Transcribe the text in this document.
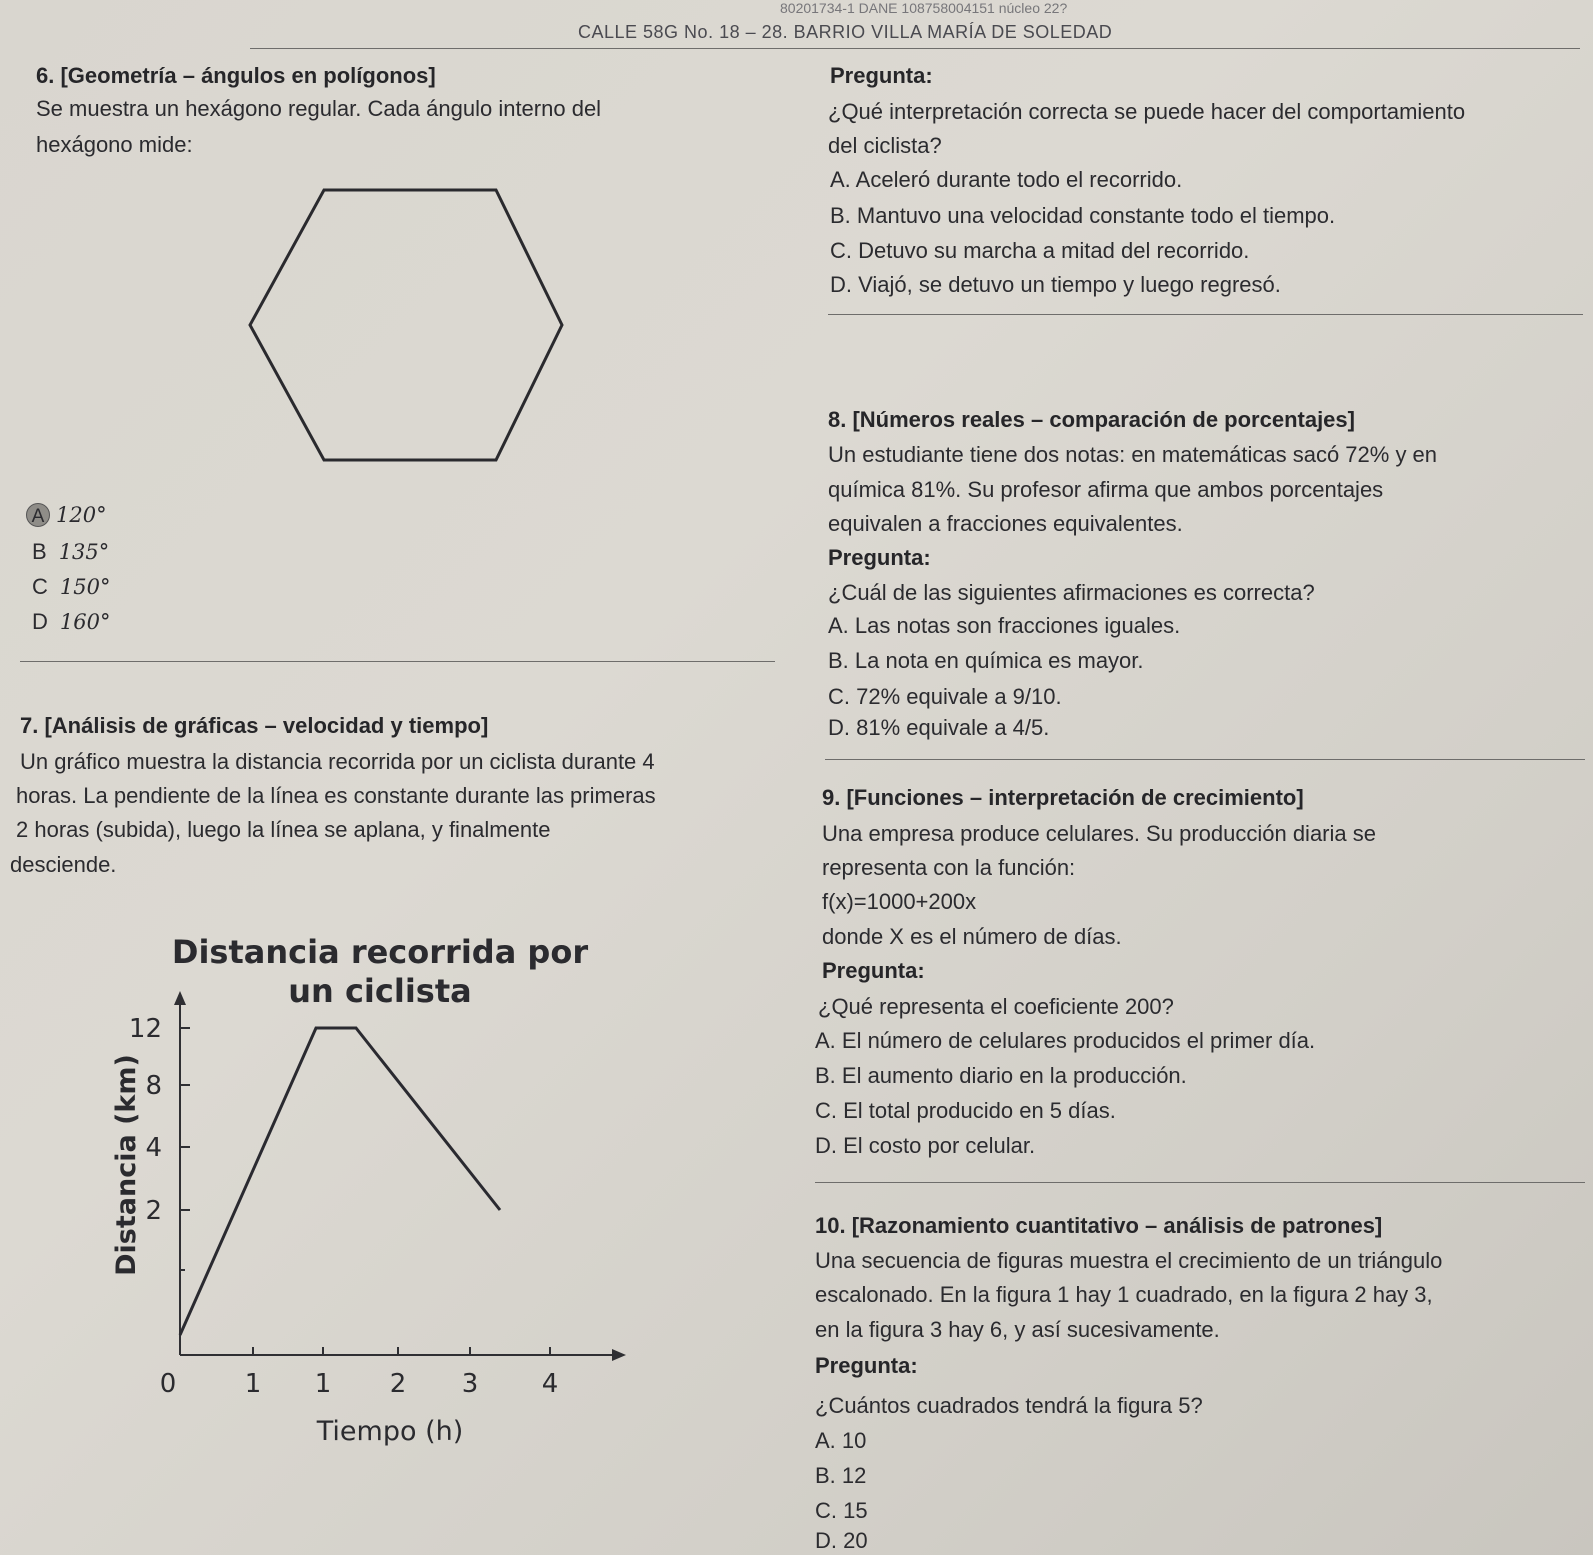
80201734-1 DANE 108758004151 núcleo 22?
CALLE 58G No. 18 – 28. BARRIO VILLA MARÍA DE SOLEDAD
6. [Geometría – ángulos en polígonos]
Se muestra un hexágono regular. Cada ángulo interno del
hexágono mide:
A 120°
B 135°
C 150°
D 160°
7. [Análisis de gráficas – velocidad y tiempo]
Un gráfico muestra la distancia recorrida por un ciclista durante 4
horas. La pendiente de la línea es constante durante las primeras
2 horas (subida), luego la línea se aplana, y finalmente
desciende.
Distancia recorrida por
un ciclista
Distancia (km)
Tiempo (h)
2
4
8
12
0	1 1 2 3 4
Pregunta:
¿Qué interpretación correcta se puede hacer del comportamiento
del ciclista?
A. Aceleró durante todo el recorrido.
B. Mantuvo una velocidad constante todo el tiempo.
C. Detuvo su marcha a mitad del recorrido.
D. Viajó, se detuvo un tiempo y luego regresó.
8. [Números reales – comparación de porcentajes]
Un estudiante tiene dos notas: en matemáticas sacó 72% y en
química 81%. Su profesor afirma que ambos porcentajes
equivalen a fracciones equivalentes.
Pregunta:
¿Cuál de las siguientes afirmaciones es correcta?
A. Las notas son fracciones iguales.
B. La nota en química es mayor.
C. 72% equivale a 9/10.
D. 81% equivale a 4/5.
9. [Funciones – interpretación de crecimiento]
Una empresa produce celulares. Su producción diaria se
representa con la función:
f(x)=1000+200x
donde X es el número de días.
Pregunta:
¿Qué representa el coeficiente 200?
A. El número de celulares producidos el primer día.
B. El aumento diario en la producción.
C. El total producido en 5 días.
D. El costo por celular.
10. [Razonamiento cuantitativo – análisis de patrones]
Una secuencia de figuras muestra el crecimiento de un triángulo
escalonado. En la figura 1 hay 1 cuadrado, en la figura 2 hay 3,
en la figura 3 hay 6, y así sucesivamente.
Pregunta:
¿Cuántos cuadrados tendrá la figura 5?
A. 10
B. 12
C. 15
D. 20
